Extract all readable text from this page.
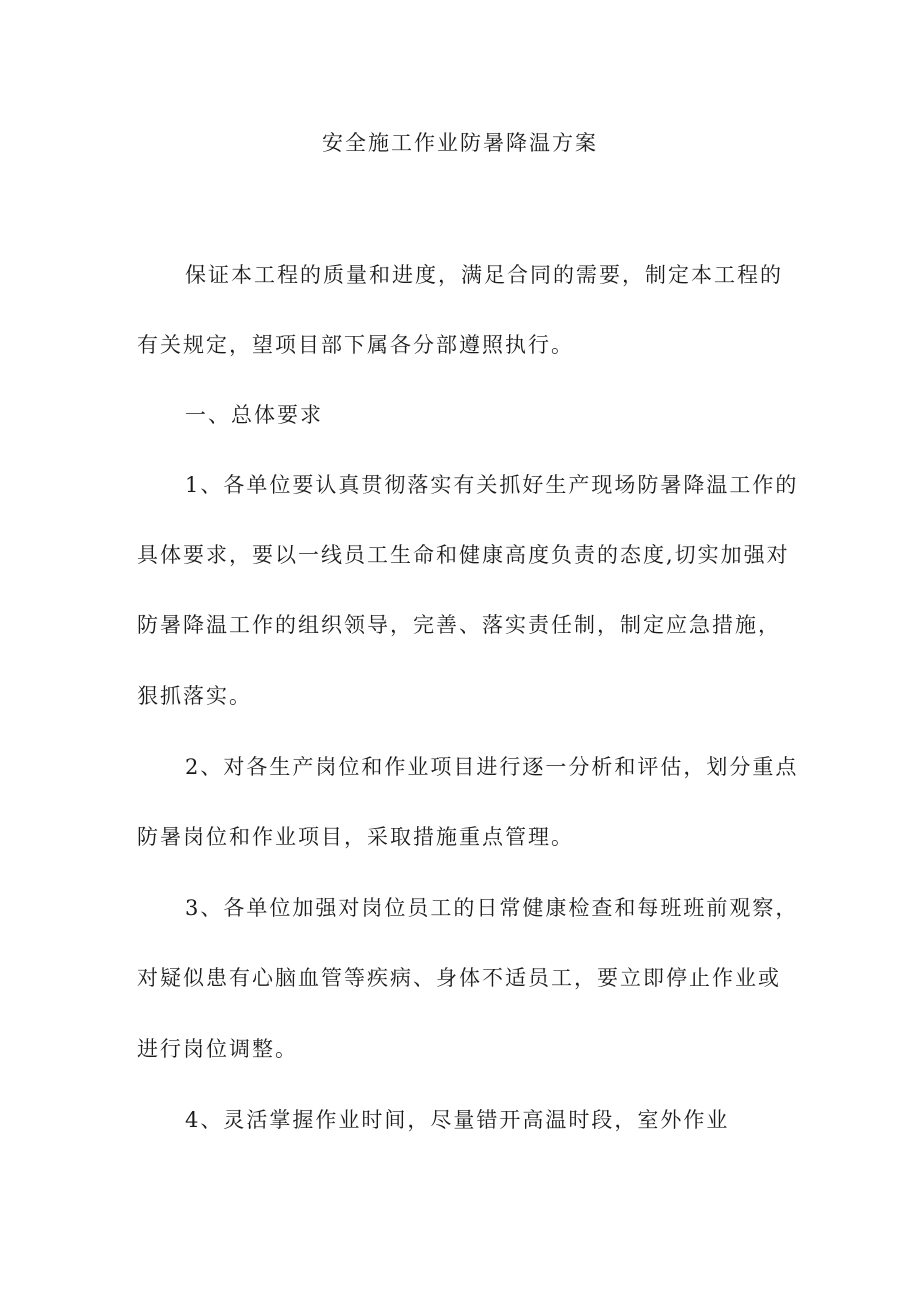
安全施工作业防暑降温方案

保证本工程的质量和进度，满足合同的需要，制定本工程的

有关规定，望项目部下属各分部遵照执行。

一、总体要求

1、各单位要认真贯彻落实有关抓好生产现场防暑降温工作的

具体要求，要以一线员工生命和健康高度负责的态度,切实加强对

防暑降温工作的组织领导，完善、落实责任制，制定应急措施，

狠抓落实。

2、对各生产岗位和作业项目进行逐一分析和评估，划分重点

防暑岗位和作业项目，采取措施重点管理。

3、各单位加强对岗位员工的日常健康检查和每班班前观察，

对疑似患有心脑血管等疾病、身体不适员工，要立即停止作业或

进行岗位调整。

4、灵活掌握作业时间，尽量错开高温时段，室外作业
